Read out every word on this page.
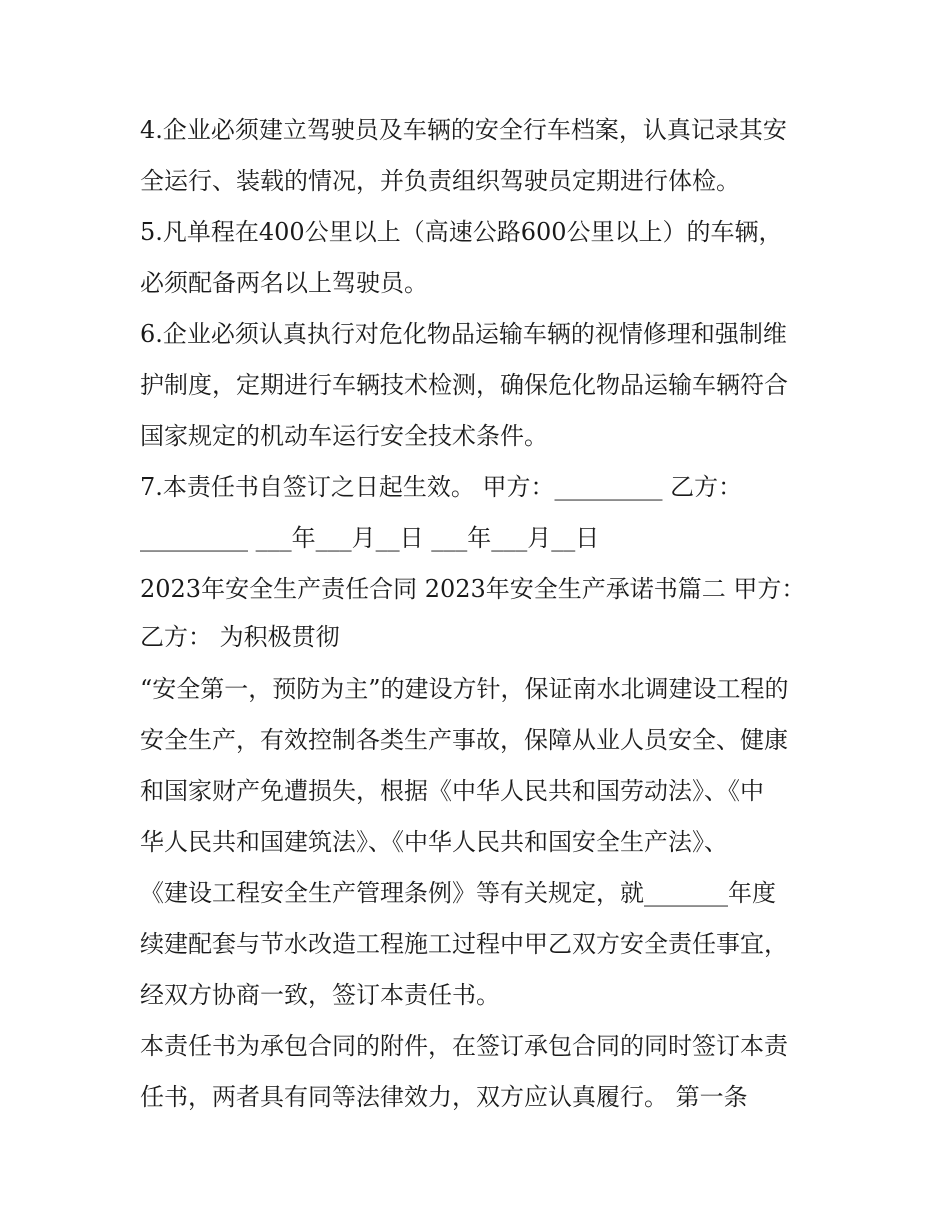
4.企业必须建立驾驶员及车辆的安全行车档案，认真记录其安
全运行、装载的情况，并负责组织驾驶员定期进行体检。
5.凡单程在400公里以上（高速公路600公里以上）的车辆，
必须配备两名以上驾驶员。
6.企业必须认真执行对危化物品运输车辆的视情修理和强制维
护制度，定期进行车辆技术检测，确保危化物品运输车辆符合
国家规定的机动车运行安全技术条件。
7.本责任书自签订之日起生效。 甲方：_________ 乙方：
_________ ___年___月__日 ___年___月__日
2023年安全生产责任合同 2023年安全生产承诺书篇二 甲方：
乙方： 为积极贯彻
“安全第一，预防为主”的建设方针，保证南水北调建设工程的
安全生产，有效控制各类生产事故，保障从业人员安全、健康
和国家财产免遭损失，根据《中华人民共和国劳动法》、《中
华人民共和国建筑法》、《中华人民共和国安全生产法》、
《建设工程安全生产管理条例》等有关规定，就_______年度
续建配套与节水改造工程施工过程中甲乙双方安全责任事宜，
经双方协商一致，签订本责任书。
本责任书为承包合同的附件，在签订承包合同的同时签订本责
任书，两者具有同等法律效力，双方应认真履行。 第一条
